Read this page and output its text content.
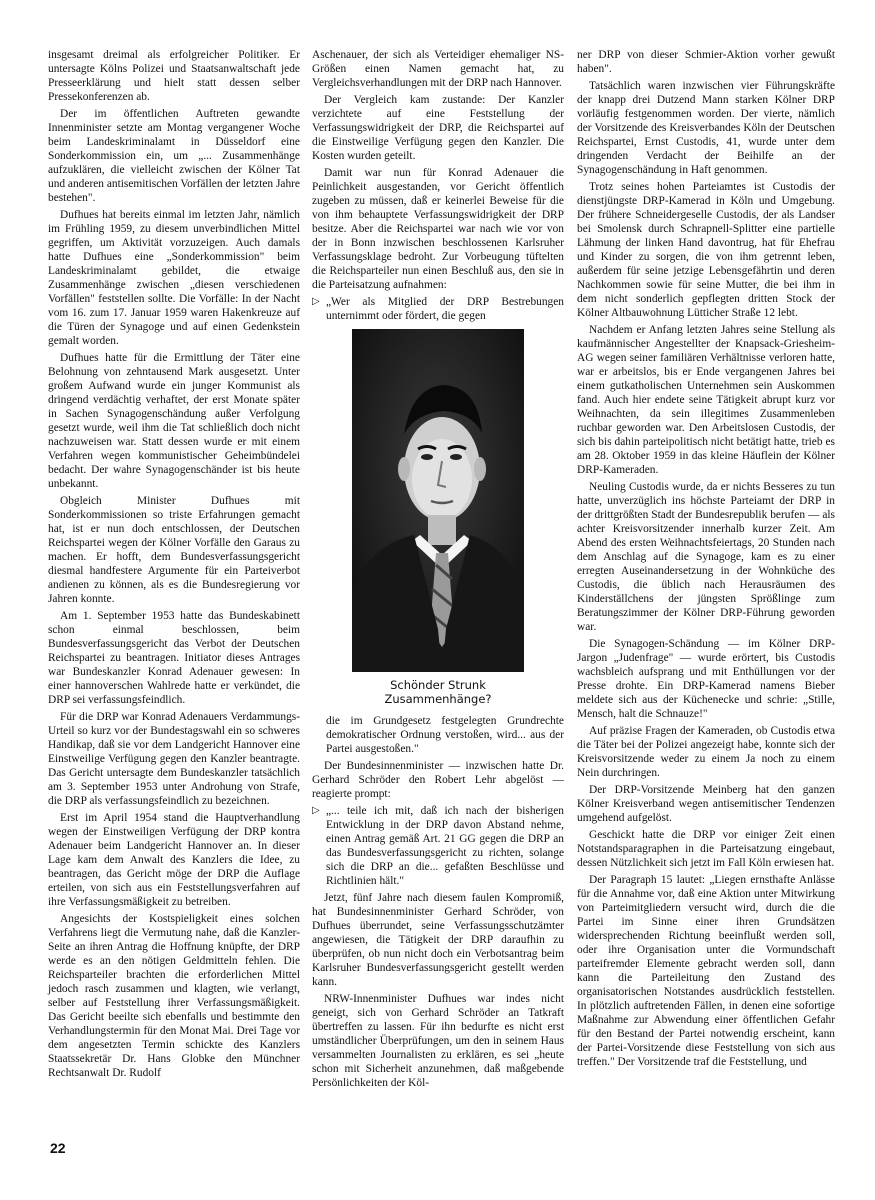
insgesamt dreimal als erfolgreicher Politiker. Er untersagte Kölns Polizei und Staatsanwaltschaft jede Presseerklärung und hielt statt dessen selber Pressekonferenzen ab.

Der im öffentlichen Auftreten gewandte Innenminister setzte am Montag vergangener Woche beim Landeskriminalamt in Düsseldorf eine Sonderkommission ein, um „... Zusammenhänge aufzuklären, die vielleicht zwischen der Kölner Tat und anderen antisemitischen Vorfällen der letzten Jahre bestehen".

Dufhues hat bereits einmal im letzten Jahr, nämlich im Frühling 1959, zu diesem unverbindlichen Mittel gegriffen, um Aktivität vorzuzeigen. Auch damals hatte Dufhues eine „Sonderkommission" beim Landeskriminalamt gebildet, die etwaige Zusammenhänge zwischen „diesen verschiedenen Vorfällen" feststellen sollte. Die Vorfälle: In der Nacht vom 16. zum 17. Januar 1959 waren Hakenkreuze auf die Türen der Synagoge und auf einen Gedenkstein gemalt worden.

Dufhues hatte für die Ermittlung der Täter eine Belohnung von zehntausend Mark ausgesetzt. Unter großem Aufwand wurde ein junger Kommunist als dringend verdächtig verhaftet, der erst Monate später in Sachen Synagogenschändung außer Verfolgung gesetzt wurde, weil ihm die Tat schließlich doch nicht nachzuweisen war. Statt dessen wurde er mit einem Verfahren wegen kommunistischer Geheimbündelei bedacht. Der wahre Synagogenschänder ist bis heute unbekannt.

Obgleich Minister Dufhues mit Sonderkommissionen so triste Erfahrungen gemacht hat, ist er nun doch entschlossen, der Deutschen Reichspartei wegen der Kölner Vorfälle den Garaus zu machen. Er hofft, dem Bundesverfassungsgericht diesmal handfestere Argumente für ein Parteiverbot andienen zu können, als es die Bundesregierung vor Jahren konnte.

Am 1. September 1953 hatte das Bundeskabinett schon einmal beschlossen, beim Bundesverfassungsgericht das Verbot der Deutschen Reichspartei zu beantragen. Initiator dieses Antrages war Bundeskanzler Konrad Adenauer gewesen: In einer hannoverschen Wahlrede hatte er verkündet, die DRP sei verfassungsfeindlich.

Für die DRP war Konrad Adenauers Verdammungs-Urteil so kurz vor der Bundestagswahl ein so schweres Handikap, daß sie vor dem Landgericht Hannover eine Einstweilige Verfügung gegen den Kanzler beantragte. Das Gericht untersagte dem Bundeskanzler tatsächlich am 3. September 1953 unter Androhung von Strafe, die DRP als verfassungsfeindlich zu bezeichnen.

Erst im April 1954 stand die Hauptverhandlung wegen der Einstweiligen Verfügung der DRP kontra Adenauer beim Landgericht Hannover an. In dieser Lage kam dem Anwalt des Kanzlers die Idee, zu beantragen, das Gericht möge der DRP die Auflage erteilen, von sich aus ein Feststellungsverfahren auf ihre Verfassungsmäßigkeit zu betreiben.

Angesichts der Kostspieligkeit eines solchen Verfahrens liegt die Vermutung nahe, daß die Kanzler-Seite an ihren Antrag die Hoffnung knüpfte, der DRP werde es an den nötigen Geldmitteln fehlen. Die Reichsparteiler brachten die erforderlichen Mittel jedoch rasch zusammen und klagten, wie verlangt, selber auf Feststellung ihrer Verfassungsmäßigkeit. Das Gericht beeilte sich ebenfalls und bestimmte den Verhandlungstermin für den Monat Mai. Drei Tage vor dem angesetzten Termin schickte des Kanzlers Staatssekretär Dr. Hans Globke den Münchner Rechtsanwalt Dr. Rudolf

Aschenauer, der sich als Verteidiger ehemaliger NS-Größen einen Namen gemacht hat, zu Vergleichsverhandlungen mit der DRP nach Hannover.

Der Vergleich kam zustande: Der Kanzler verzichtete auf eine Feststellung der Verfassungswidrigkeit der DRP, die Reichspartei auf die Einstweilige Verfügung gegen den Kanzler. Die Kosten wurden geteilt.

Damit war nun für Konrad Adenauer die Peinlichkeit ausgestanden, vor Gericht öffentlich zugeben zu müssen, daß er keinerlei Beweise für die von ihm behauptete Verfassungswidrigkeit der DRP besitze. Aber die Reichspartei war nach wie vor von der in Bonn inzwischen beschlossenen Karlsruher Verfassungsklage bedroht. Zur Vorbeugung tüftelten die Reichsparteiler nun einen Beschluß aus, den sie in die Parteisatzung aufnahmen:

▷ „Wer als Mitglied der DRP Bestrebungen unternimmt oder fördert, die gegen

Schönder Strunk
Zusammenhänge?

die im Grundgesetz festgelegten Grundrechte demokratischer Ordnung verstoßen, wird... aus der Partei ausgestoßen."

Der Bundesinnenminister — inzwischen hatte Dr. Gerhard Schröder den Robert Lehr abgelöst — reagierte prompt:

▷ „... teile ich mit, daß ich nach der bisherigen Entwicklung in der DRP davon Abstand nehme, einen Antrag gemäß Art. 21 GG gegen die DRP an das Bundesverfassungsgericht zu richten, solange sich die DRP an die... gefaßten Beschlüsse und Richtlinien hält."

Jetzt, fünf Jahre nach diesem faulen Kompromiß, hat Bundesinnenminister Gerhard Schröder, von Dufhues überrundet, seine Verfassungsschutzämter angewiesen, die Tätigkeit der DRP daraufhin zu überprüfen, ob nun nicht doch ein Verbotsantrag beim Karlsruher Bundesverfassungsgericht gestellt werden kann.

NRW-Innenminister Dufhues war indes nicht geneigt, sich von Gerhard Schröder an Tatkraft übertreffen zu lassen. Für ihn bedurfte es nicht erst umständlicher Überprüfungen, um den in seinem Haus versammelten Journalisten zu erklären, es sei „heute schon mit Sicherheit anzunehmen, daß maßgebende Persönlichkeiten der Köl-

ner DRP von dieser Schmier-Aktion vorher gewußt haben".

Tatsächlich waren inzwischen vier Führungskräfte der knapp drei Dutzend Mann starken Kölner DRP vorläufig festgenommen worden. Der vierte, nämlich der Vorsitzende des Kreisverbandes Köln der Deutschen Reichspartei, Ernst Custodis, 41, wurde unter dem dringenden Verdacht der Beihilfe an der Synagogenschändung in Haft genommen.

Trotz seines hohen Parteiamtes ist Custodis der dienstjüngste DRP-Kamerad in Köln und Umgebung. Der frühere Schneidergeselle Custodis, der als Landser bei Smolensk durch Schrapnell-Splitter eine partielle Lähmung der linken Hand davontrug, hat für Ehefrau und Kinder zu sorgen, die von ihm getrennt leben, außerdem für seine jetzige Lebensgefährtin und deren Nachkommen sowie für seine Mutter, die bei ihm in dem nicht sonderlich gepflegten dritten Stock der Kölner Altbauwohnung Lütticher Straße 12 lebt.

Nachdem er Anfang letzten Jahres seine Stellung als kaufmännischer Angestellter der Knapsack-Griesheim-AG wegen seiner familiären Verhältnisse verloren hatte, war er arbeitslos, bis er Ende vergangenen Jahres bei einem gutkatholischen Unternehmen sein Auskommen fand. Auch hier endete seine Tätigkeit abrupt kurz vor Weihnachten, da sein illegitimes Zusammenleben ruchbar geworden war. Den Arbeitslosen Custodis, der sich bis dahin parteipolitisch nicht betätigt hatte, trieb es am 28. Oktober 1959 in das kleine Häuflein der Kölner DRP-Kameraden.

Neuling Custodis wurde, da er nichts Besseres zu tun hatte, unverzüglich ins höchste Parteiamt der DRP in der drittgrößten Stadt der Bundesrepublik berufen — als achter Kreisvorsitzender innerhalb kurzer Zeit. Am Abend des ersten Weihnachtsfeiertags, 20 Stunden nach dem Anschlag auf die Synagoge, kam es zu einer erregten Auseinandersetzung in der Wohnküche des Custodis, die üblich nach Herausräumen des Kinderställchens der jüngsten Sprößlinge zum Beratungszimmer der Kölner DRP-Führung geworden war.

Die Synagogen-Schändung — im Kölner DRP-Jargon „Judenfrage" — wurde erörtert, bis Custodis wachsbleich aufsprang und mit Enthüllungen vor der Presse drohte. Ein DRP-Kamerad namens Bieber meldete sich aus der Küchenecke und schrie: „Stille, Mensch, halt die Schnauze!"

Auf präzise Fragen der Kameraden, ob Custodis etwa die Täter bei der Polizei angezeigt habe, konnte sich der Kreisvorsitzende weder zu einem Ja noch zu einem Nein durchringen.

Der DRP-Vorsitzende Meinberg hat den ganzen Kölner Kreisverband wegen antisemitischer Tendenzen umgehend aufgelöst.

Geschickt hatte die DRP vor einiger Zeit einen Notstandsparagraphen in die Parteisatzung eingebaut, dessen Nützlichkeit sich jetzt im Fall Köln erwiesen hat.

Der Paragraph 15 lautet: „Liegen ernsthafte Anlässe für die Annahme vor, daß eine Aktion unter Mitwirkung von Parteimitgliedern versucht wird, durch die die Partei im Sinne einer ihren Grundsätzen widersprechenden Richtung beeinflußt werden soll, oder ihre Organisation unter die Vormundschaft parteifremder Elemente gebracht werden soll, dann kann die Parteileitung den Zustand des organisatorischen Notstandes ausdrücklich feststellen. In plötzlich auftretenden Fällen, in denen eine sofortige Maßnahme zur Abwendung einer öffentlichen Gefahr für den Bestand der Partei notwendig erscheint, kann der Partei-Vorsitzende diese Feststellung von sich aus treffen." Der Vorsitzende traf die Feststellung, und

22
